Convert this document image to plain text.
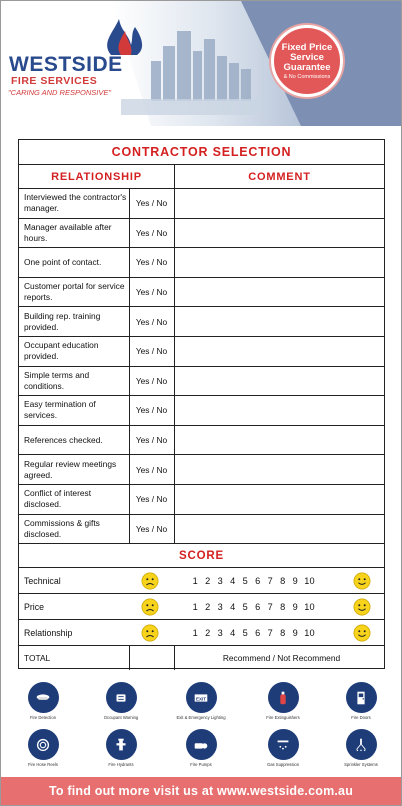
WESTSIDE
FIRE SERVICES
"CARING AND RESPONSIVE"
Fixed Price
Service
Guarantee
& No Commissions
CONTRACTOR SELECTION
RELATIONSHIP	COMMENT
Interviewed the contractor's manager.	Yes / No
Manager available after hours.	Yes / No
One point of contact.	Yes / No
Customer portal for service reports.	Yes / No
Building rep. training provided.	Yes / No
Occupant education provided.	Yes / No
Simple terms and conditions.	Yes / No
Easy termination of services.	Yes / No
References checked.	Yes / No
Regular review meetings agreed.	Yes / No
Conflict of interest disclosed.	Yes / No
Commissions & gifts disclosed.	Yes / No
SCORE
Technical	1 2 3 4 5 6 7 8 9 10
Price	1 2 3 4 5 6 7 8 9 10
Relationship	1 2 3 4 5 6 7 8 9 10
TOTAL	Recommend / Not Recommend
Fire Detection	Occupant Warning
EXIT
Exit & Emergency Lighting	Fire Extinguishers	Fire Doors
Fire Hose Reels	Fire Hydrants	Fire Pumps	Gas Suppression	Sprinkler Systems
To find out more visit us at www.westside.com.au
